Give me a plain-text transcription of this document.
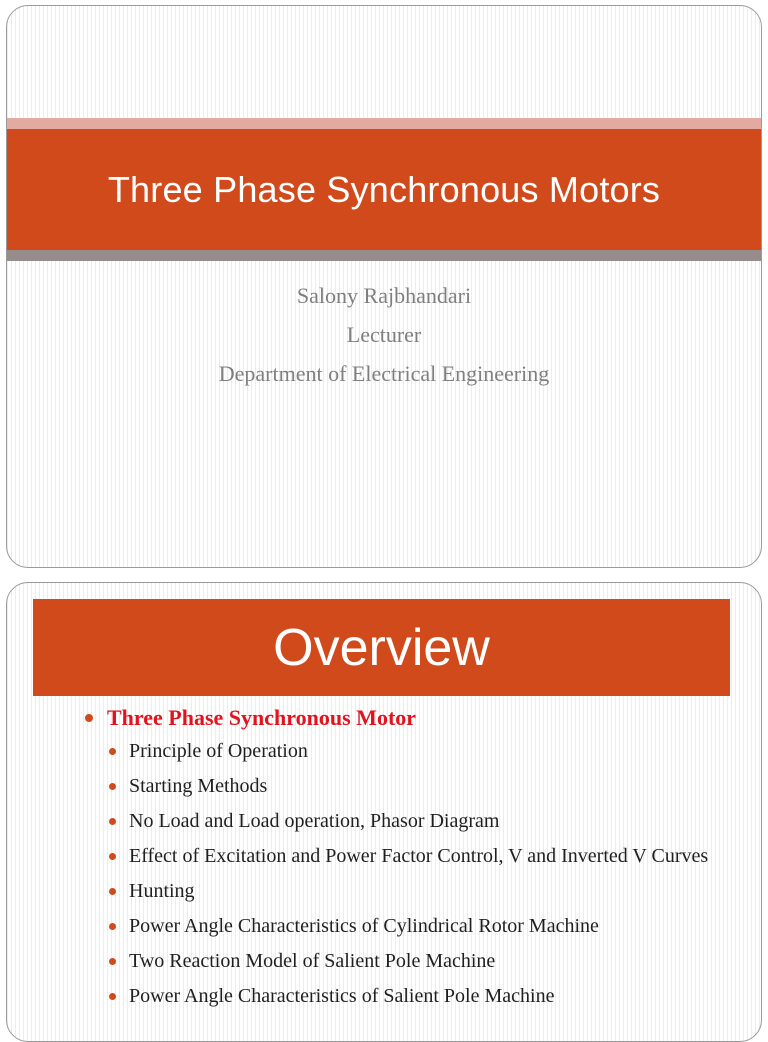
Three Phase Synchronous Motors
Salony Rajbhandari
Lecturer
Department of Electrical Engineering
Overview
Three Phase Synchronous Motor
Principle of Operation
Starting Methods
No Load and Load operation, Phasor Diagram
Effect of Excitation and Power Factor Control, V and Inverted V Curves
Hunting
Power Angle Characteristics of Cylindrical Rotor Machine
Two Reaction Model of Salient Pole Machine
Power Angle Characteristics of Salient Pole Machine
